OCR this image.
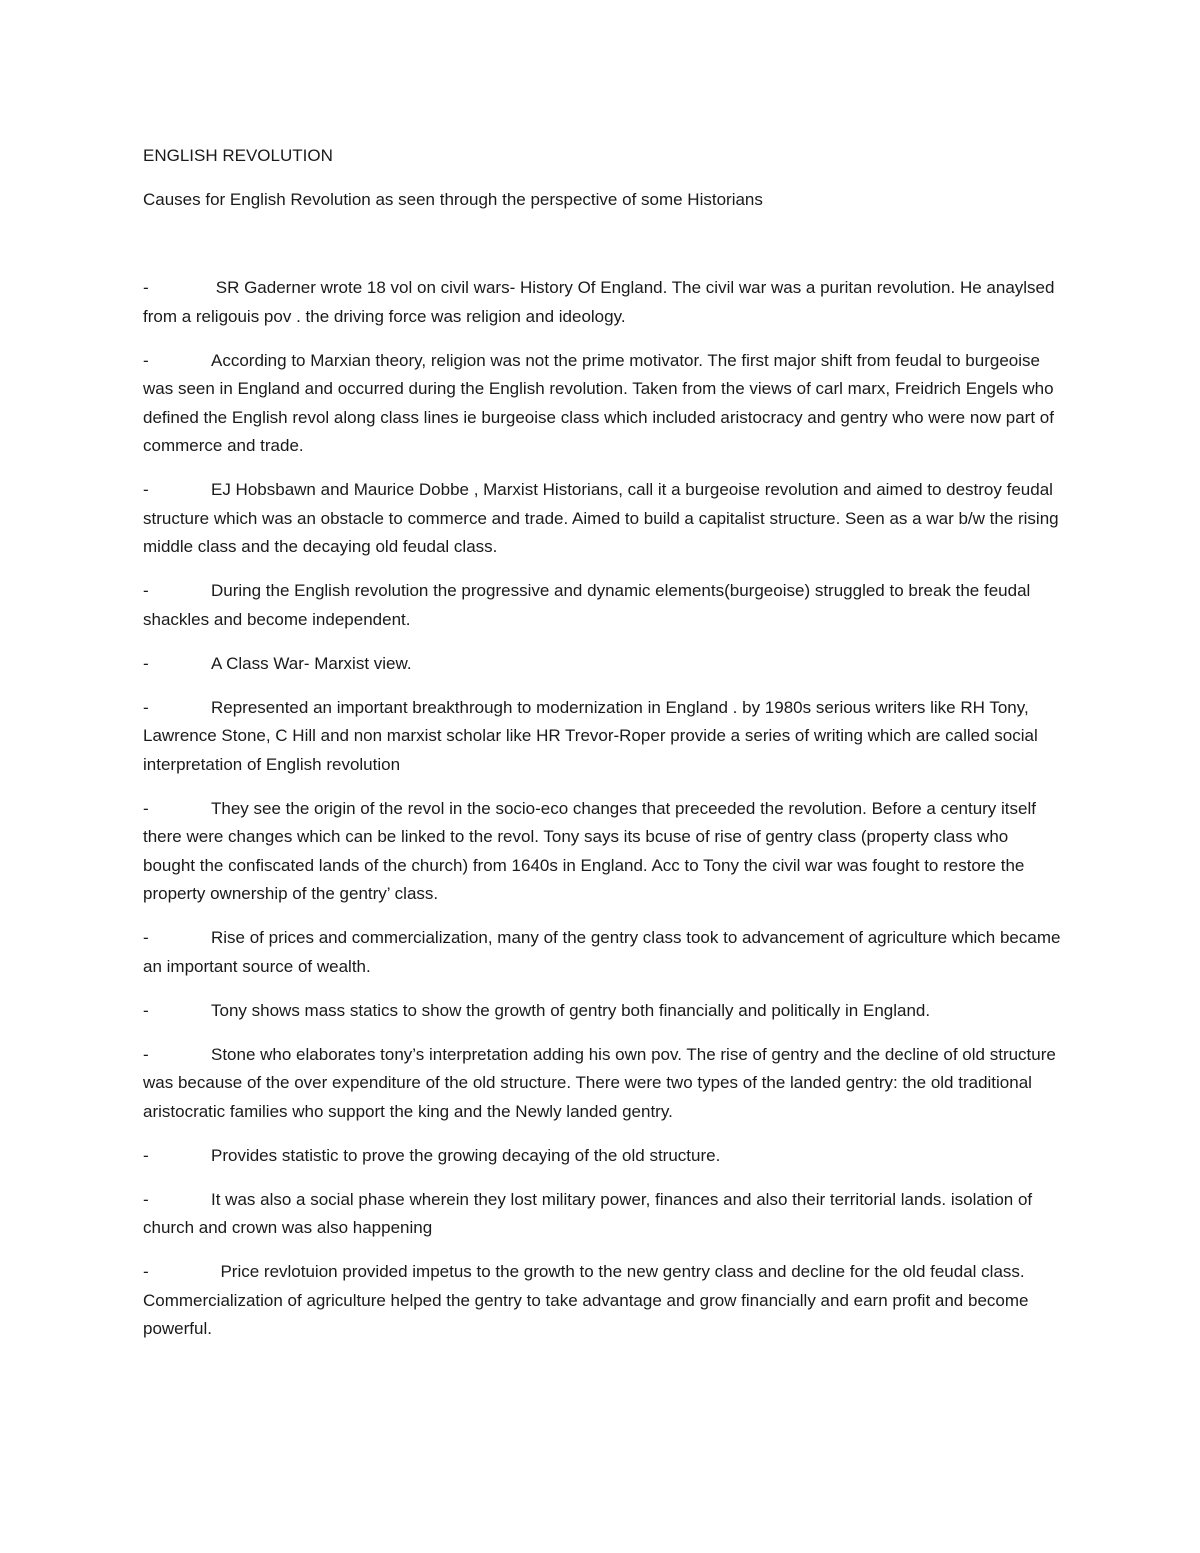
ENGLISH REVOLUTION

Causes for English Revolution as seen through the perspective of some Historians

-	SR Gaderner wrote 18 vol on civil wars- History Of England. The civil war was a puritan revolution. He anaylsed from a religouis pov . the driving force was religion and ideology.
-	According to Marxian theory, religion was not the prime motivator. The first major shift from feudal to burgeoise was seen in England and occurred during the English revolution. Taken from the views of carl marx, Freidrich Engels who defined the English revol along class lines ie burgeoise class which included aristocracy and gentry who were now part of commerce and trade.
-	EJ Hobsbawn and Maurice Dobbe , Marxist Historians, call it a burgeoise revolution and aimed to destroy feudal structure which was an obstacle to commerce and trade. Aimed to build a capitalist structure. Seen as a war b/w the rising middle class and the decaying old feudal class.
-	During the English revolution the progressive and dynamic elements(burgeoise) struggled to break the feudal shackles and become independent.
-	A Class War- Marxist view.
-	Represented an important breakthrough to modernization in England . by 1980s serious writers like RH Tony, Lawrence Stone, C Hill and non marxist scholar like HR Trevor-Roper provide a series of writing which are called social interpretation of English revolution
-	They see the origin of the revol in the socio-eco changes that preceeded the revolution. Before a century itself there were changes which can be linked to the revol. Tony says its bcuse of rise of gentry class (property class who bought the confiscated lands of the church) from 1640s in England. Acc to Tony the civil war was fought to restore the property ownership of the gentry’ class.
-	Rise of prices and commercialization, many of the gentry class took to advancement of agriculture which became an important source of wealth.
-	Tony shows mass statics to show the growth of gentry both financially and politically in England.
-	Stone who elaborates tony’s interpretation adding his own pov. The rise of gentry and the decline of old structure was because of the over expenditure of the old structure. There were two types of the landed gentry: the old traditional aristocratic families who support the king and the Newly landed gentry.
-	Provides statistic to prove the growing decaying of the old structure.
-	It was also a social phase wherein they lost military power, finances and also their territorial lands. isolation of church and crown was also happening
-	Price revlotuion provided impetus to the growth to the new gentry class and decline for the old feudal class. Commercialization of agriculture helped the gentry to take advantage and grow financially and earn profit and become powerful.
